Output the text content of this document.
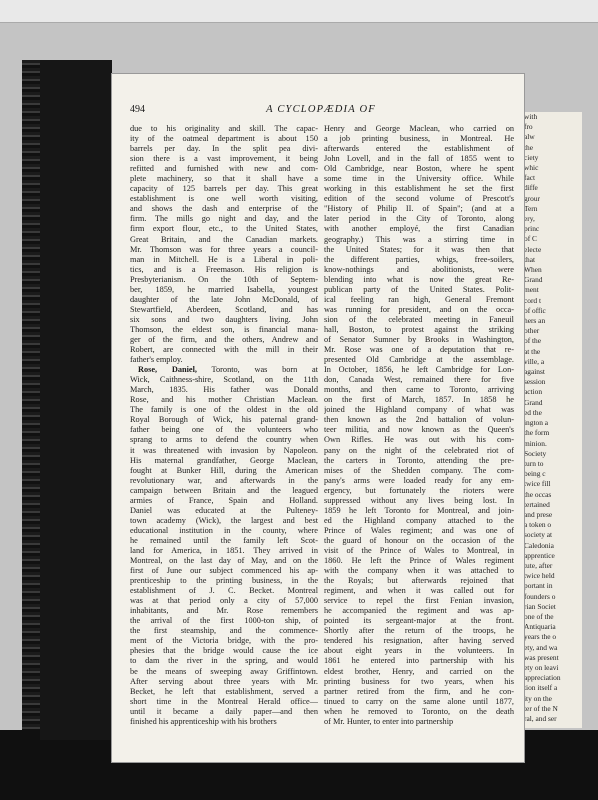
with
fro
alw
the
ciety
whic
fact
diffe
grour
Tern
ery,
princ
of C
electe
that
When
Grand
ment
cord t
of offic
hers an
other
of the
at the
ville, a
against
session
action
Grand
ed the
ington a
the form
minion.
Society
turn to
being c
twice fill
the occas
tertained
and prese
a token o
society at
Caledonia
apprentice
tute, after
twice held
portant in
founders o
rian Societ
one of the
Antiquaria
years the o
ety, and wa
was present
ety on leavi
appreciation
tion itself a
ity on the
ter of the N
ral, and ser
494	A CYCLOPÆDIA OF
due to his originality and skill. The capac-
ity of the oatmeal department is about 150
barrels per day. In the split pea divi-
sion there is a vast improvement, it being
refitted and furnished with new and com-
plete machinery, so that it shall have a
capacity of 125 barrels per day. This great
establishment is one well worth visiting,
and shows the dash and enterprise of the
firm. The mills go night and day, and the
firm export flour, etc., to the United States,
Great Britain, and the Canadian markets.
Mr. Thomson was for three years a council-
man in Mitchell. He is a Liberal in poli-
tics, and is a Freemason. His religion is
Presbyterianism. On the 10th of Septem-
ber, 1859, he married Isabella, youngest
daughter of the late John McDonald, of
Stewartfield, Aberdeen, Scotland, and has
six sons and two daughters living. John
Thomson, the eldest son, is financial mana-
ger of the firm, and the others, Andrew and
Robert, are connected with the mill in their
father's employ.
Rose, Daniel, Toronto, was born at
Wick, Caithness-shire, Scotland, on the 11th
March, 1835. His father was Donald
Rose, and his mother Christian Maclean.
The family is one of the oldest in the old
Royal Borough of Wick, his paternal grand-
father being one of the volunteers who
sprang to arms to defend the country when
it was threatened with invasion by Napoleon.
His maternal grandfather, George Maclean,
fought at Bunker Hill, during the American
revolutionary war, and afterwards in the
campaign between Britain and the leagued
armies of France, Spain and Holland.
Daniel was educated at the Pulteney-
town academy (Wick), the largest and best
educational institution in the county, where
he remained until the family left Scot-
land for America, in 1851. They arrived in
Montreal, on the last day of May, and on the
first of June our subject commenced his ap-
prenticeship to the printing business, in the
establishment of J. C. Becket. Montreal
was at that period only a city of 57,000
inhabitants, and Mr. Rose remembers
the arrival of the first 1000-ton ship, of
the first steamship, and the commence-
ment of the Victoria bridge, with the pro-
phesies that the bridge would cause the ice
to dam the river in the spring, and would
be the means of sweeping away Griffintown.
After serving about three years with Mr.
Becket, he left that establishment, served a
short time in the Montreal Herald office—
until it became a daily paper—and then
finished his apprenticeship with his brothers
Henry and George Maclean, who carried on
a job printing business, in Montreal. He
afterwards entered the establishment of
John Lovell, and in the fall of 1855 went to
Old Cambridge, near Boston, where he spent
some time in the University office. While
working in this establishment he set the first
edition of the second volume of Prescott's
"History of Philip II. of Spain"; (and at a
later period in the City of Toronto, along
with another employé, the first Canadian
geography.) This was a stirring time in
the United States; for it was then that
the different parties, whigs, free-soilers,
know-nothings and abolitionists, were
blending into what is now the great Re-
publican party of the United States. Polit-
ical feeling ran high, General Fremont
was running for president, and on the occa-
sion of the celebrated meeting in Faneuil
hall, Boston, to protest against the striking
of Senator Sumner by Brooks in Washington,
Mr. Rose was one of a deputation that re-
presented Old Cambridge at the assemblage.
In October, 1856, he left Cambridge for Lon-
don, Canada West, remained there for five
months, and then came to Toronto, arriving
on the first of March, 1857. In 1858 he
joined the Highland company of what was
then known as the 2nd battalion of volun-
teer militia, and now known as the Queen's
Own Rifles. He was out with his com-
pany on the night of the celebrated riot of
the carters in Toronto, attending the pre-
mises of the Shedden company. The com-
pany's arms were loaded ready for any em-
ergency, but fortunately the rioters were
suppressed without any lives being lost. In
1859 he left Toronto for Montreal, and join-
ed the Highland company attached to the
Prince of Wales regiment; and was one of
the guard of honour on the occasion of the
visit of the Prince of Wales to Montreal, in
1860. He left the Prince of Wales regiment
with the company when it was attached to
the Royals; but afterwards rejoined that
regiment, and when it was called out for
service to repel the first Fenian invasion,
he accompanied the regiment and was ap-
pointed its sergeant-major at the front.
Shortly after the return of the troops, he
tendered his resignation, after having served
about eight years in the volunteers. In
1861 he entered into partnership with his
eldest brother, Henry, and carried on the
printing business for two years, when his
partner retired from the firm, and he con-
tinued to carry on the same alone until 1877,
when he removed to Toronto, on the death
of Mr. Hunter, to enter into partnership
